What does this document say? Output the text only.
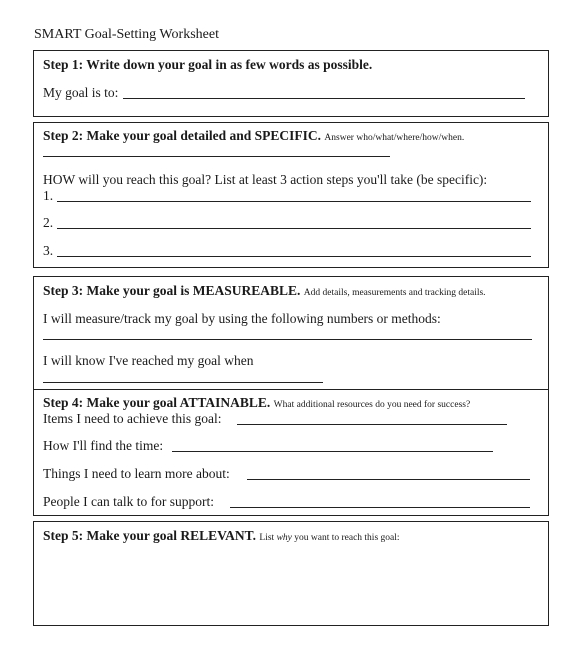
SMART Goal-Setting Worksheet
Step 1: Write down your goal in as few words as possible.
My goal is to:
Step 2: Make your goal detailed and SPECIFIC. Answer who/what/where/how/when.
HOW will you reach this goal? List at least 3 action steps you'll take (be specific):
1.
2.
3.
Step 3: Make your goal is MEASUREABLE. Add details, measurements and tracking details.
I will measure/track my goal by using the following numbers or methods:
I will know I've reached my goal when
Step 4: Make your goal ATTAINABLE. What additional resources do you need for success?
Items I need to achieve this goal:
How I'll find the time:
Things I need to learn more about:
People I can talk to for support:
Step 5: Make your goal RELEVANT. List why you want to reach this goal:
